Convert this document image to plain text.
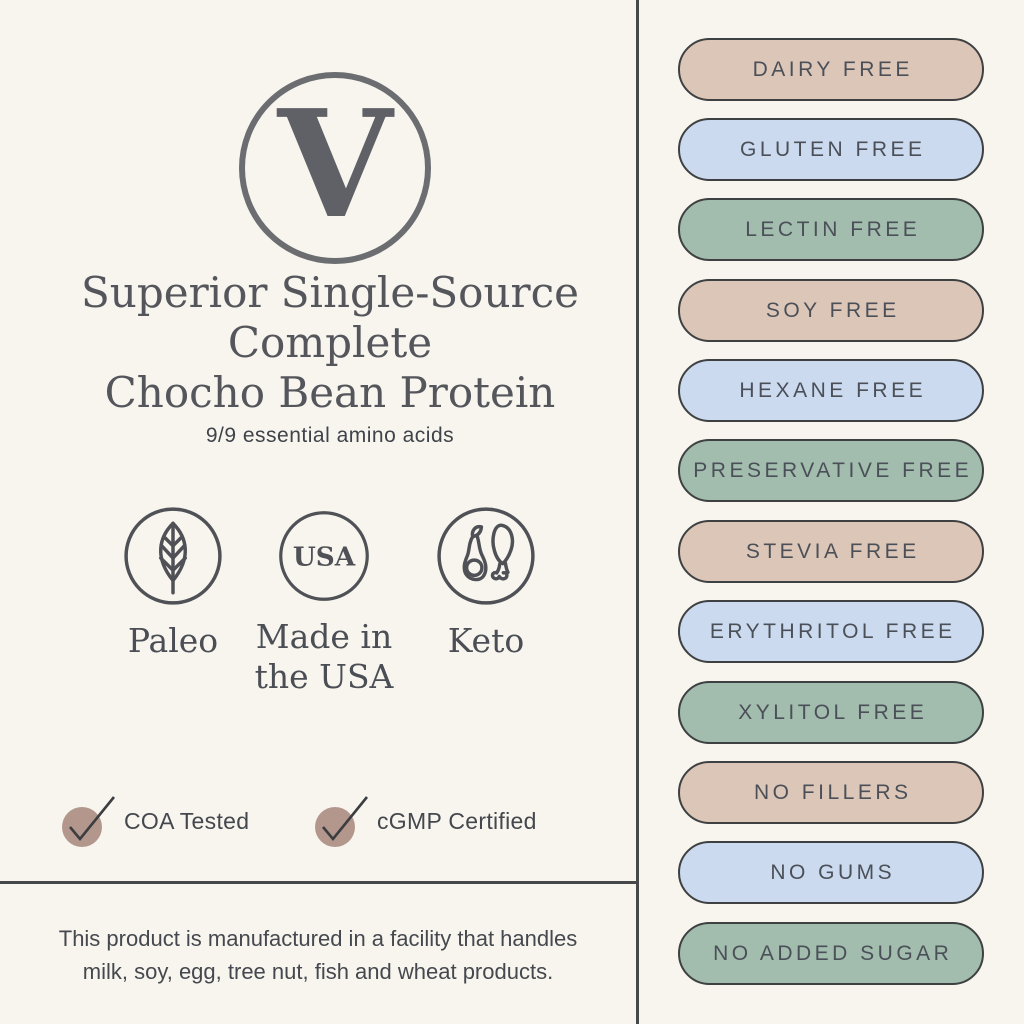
V
Superior Single-Source
Complete
Chocho Bean Protein
9/9 essential amino acids
Paleo
USA
Made in the USA
Keto
COA Tested	cGMP Certified
This product is manufactured in a facility that handles
milk, soy, egg, tree nut, fish and wheat products.
DAIRY FREE
GLUTEN FREE
LECTIN FREE
SOY FREE
HEXANE FREE
PRESERVATIVE FREE
STEVIA FREE
ERYTHRITOL FREE
XYLITOL FREE
NO FILLERS
NO GUMS
NO ADDED SUGAR
